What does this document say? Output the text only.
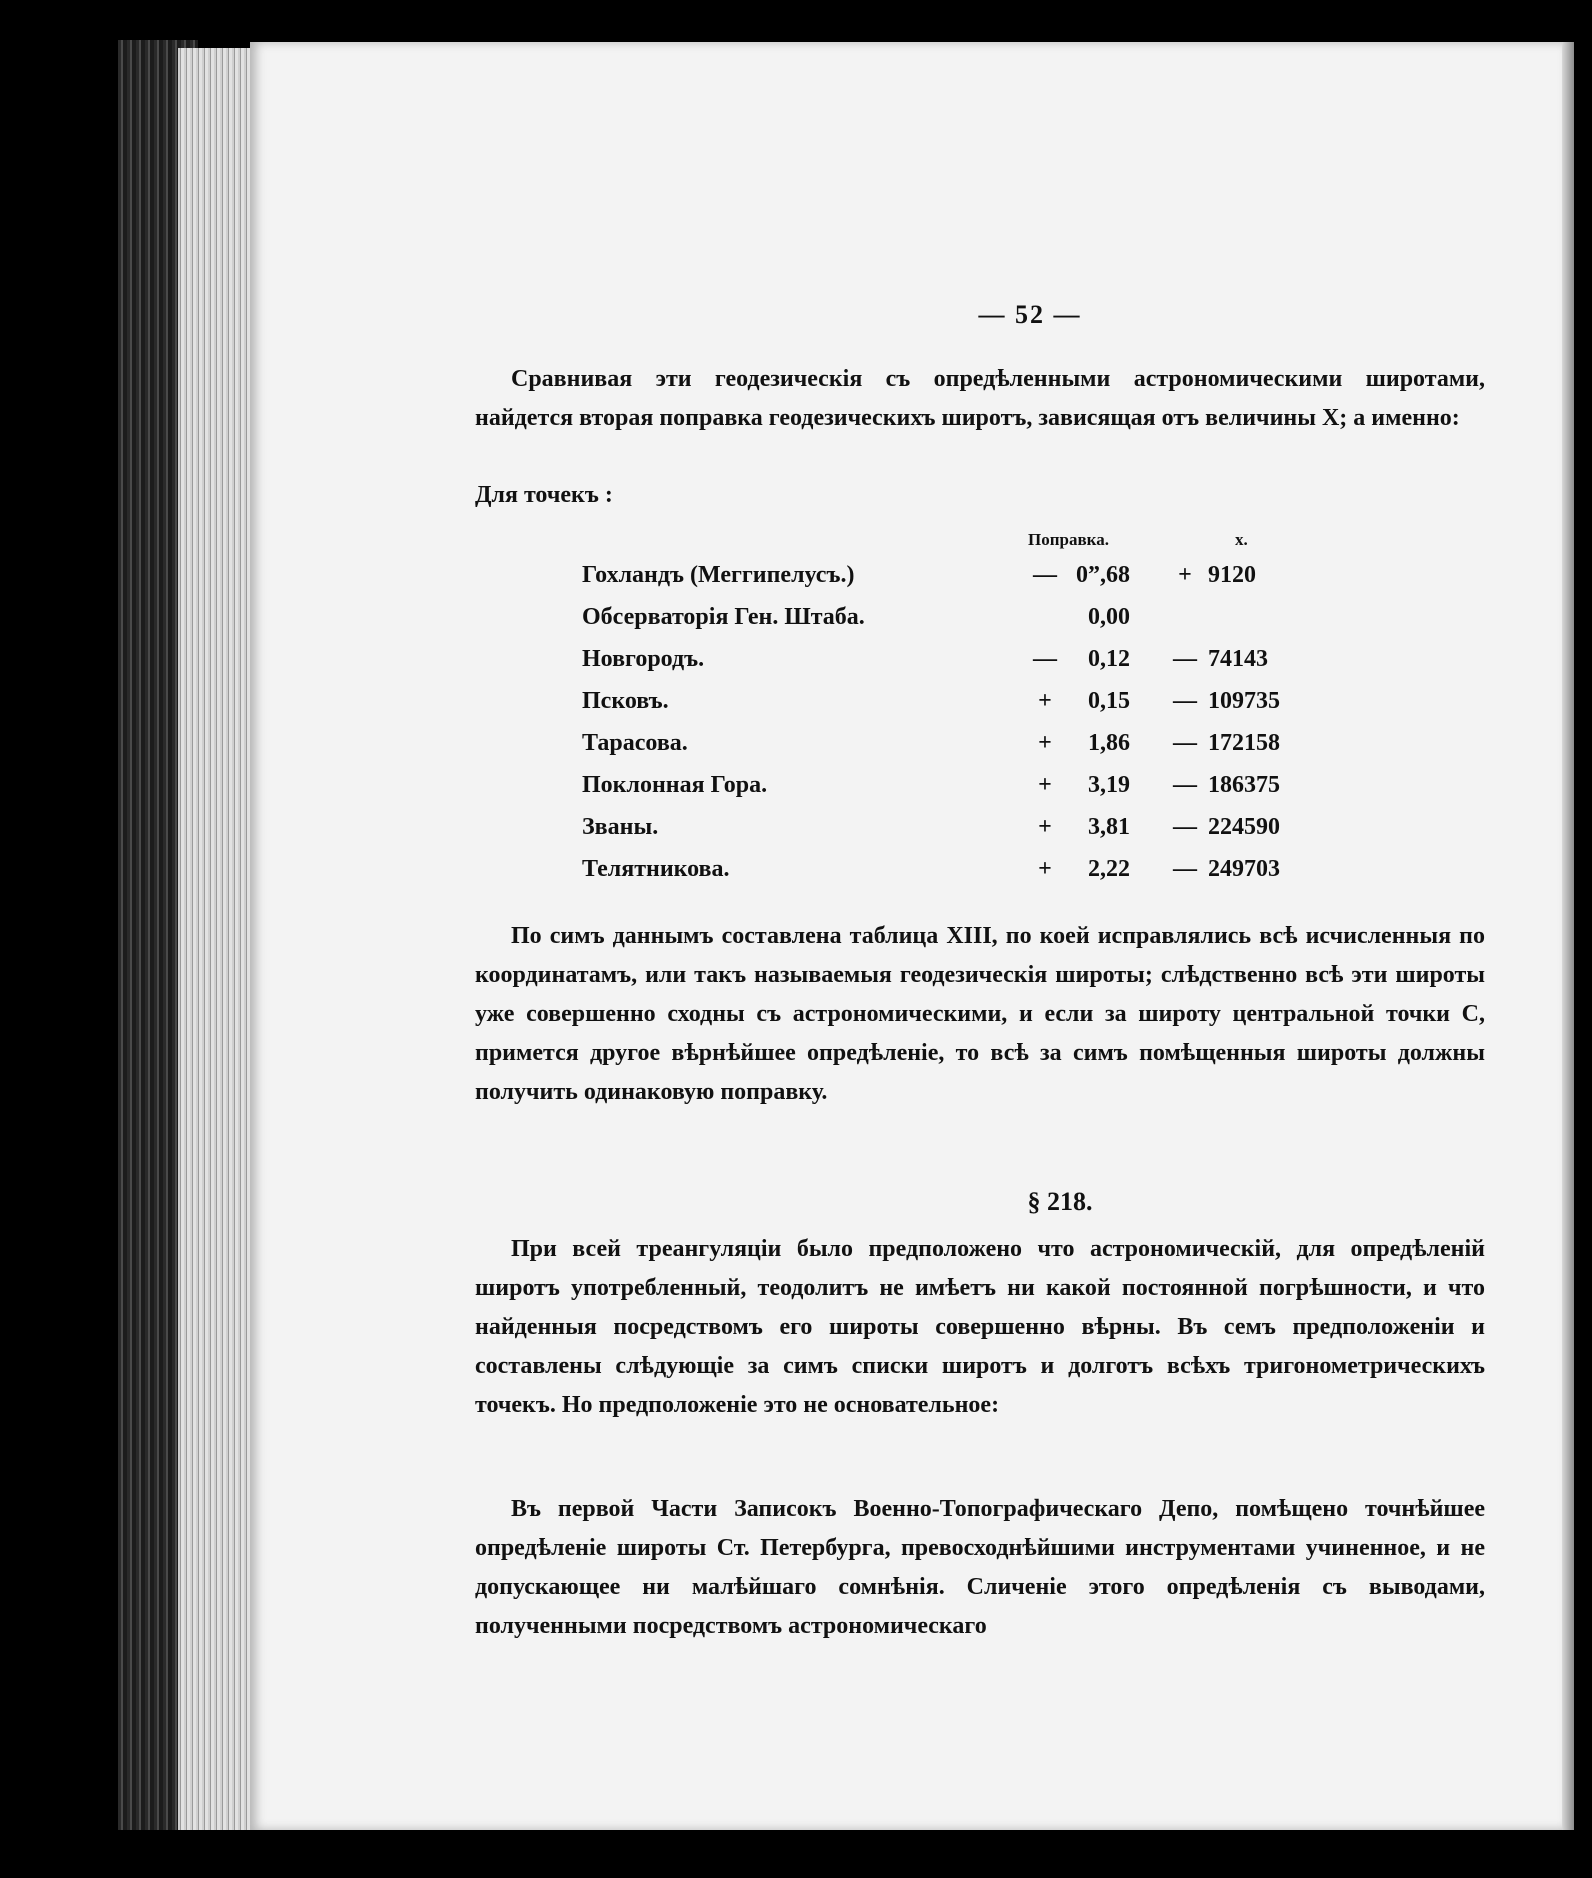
— 52 —
Сравнивая эти геодезическія съ опредѣленными астрономическими широтами, найдется вторая поправка геодезическихъ широтъ, зависящая отъ величины X; а именно:
Для точекъ :
Поправка.	x.
Гохландъ (Меггипелусъ.)	— 0”,68	+ 9120
Обсерваторія Ген. Штаба.	0,00
Новгородъ.	—	0,12 — 74143
Псковъ.	+	0,15 — 109735
Тарасова.	+	1,86 — 172158
Поклонная Гора.	+	3,19 — 186375
Званы.	+	3,81 — 224590
Телятникова.	+	2,22 — 249703
По симъ даннымъ составлена таблица XIII, по коей исправлялись всѣ исчисленныя по координатамъ, или такъ называемыя геодезическія широты; слѣдственно всѣ эти широты уже совершенно сходны съ астрономическими, и если за широту центральной точки С, примется другое вѣрнѣйшее опредѣленіе, то всѣ за симъ помѣщенныя широты должны получить одинаковую поправку.
§ 218.
При всей треангуляціи было предположено что астрономическій, для опредѣленій широтъ употребленный, теодолитъ не имѣетъ ни какой постоянной погрѣшности, и что найденныя посредствомъ его широты совершенно вѣрны. Въ семъ предположеніи и составлены слѣдующіе за симъ списки широтъ и долготъ всѣхъ тригонометрическихъ точекъ. Но предположеніе это не основательное:
Въ первой Части Записокъ Военно-Топографическаго Депо, помѣщено точнѣйшее опредѣленіе широты Ст. Петербурга, превосходнѣйшими инструментами учиненное, и не допускающее ни малѣйшаго сомнѣнія. Сличеніе этого опредѣленія съ выводами, полученными посредствомъ астрономическаго
